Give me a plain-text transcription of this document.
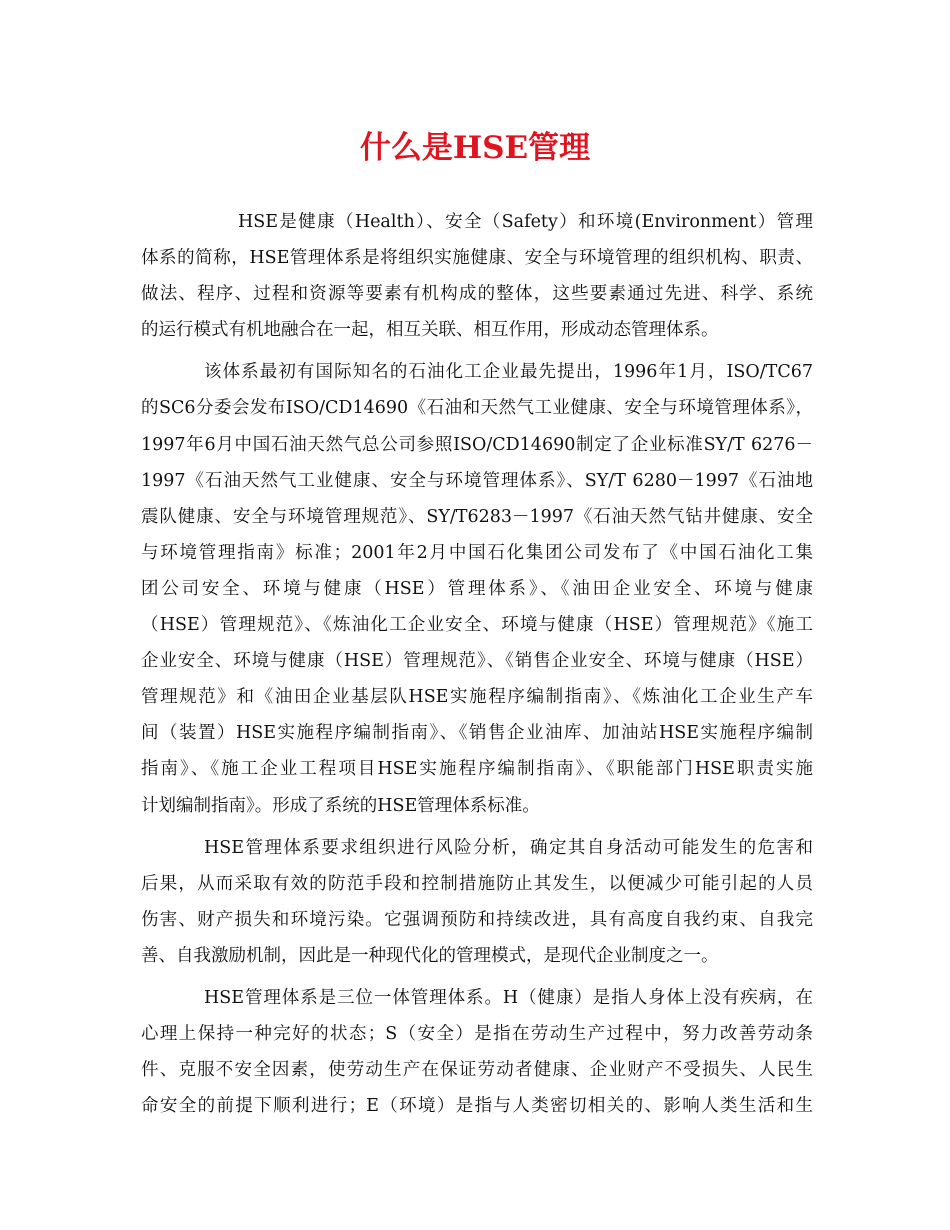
什么是HSE管理
HSE是健康（Health）、安全（Safety）和环境(Environment）管理
体系的简称，HSE管理体系是将组织实施健康、安全与环境管理的组织机构、职责、
做法、程序、过程和资源等要素有机构成的整体，这些要素通过先进、科学、系统
的运行模式有机地融合在一起，相互关联、相互作用，形成动态管理体系。
该体系最初有国际知名的石油化工企业最先提出，1996年1月，ISO/TC67
的SC6分委会发布ISO/CD14690《石油和天然气工业健康、安全与环境管理体系》，
1997年6月中国石油天然气总公司参照ISO/CD14690制定了企业标准SY/T 6276－
1997《石油天然气工业健康、安全与环境管理体系》、SY/T 6280－1997《石油地
震队健康、安全与环境管理规范》、SY/T6283－1997《石油天然气钻井健康、安全
与环境管理指南》标准；2001年2月中国石化集团公司发布了《中国石油化工集
团公司安全、环境与健康（HSE）管理体系》、《油田企业安全、环境与健康
（HSE）管理规范》、《炼油化工企业安全、环境与健康（HSE）管理规范》《施工
企业安全、环境与健康（HSE）管理规范》、《销售企业安全、环境与健康（HSE）
管理规范》和《油田企业基层队HSE实施程序编制指南》、《炼油化工企业生产车
间（装置）HSE实施程序编制指南》、《销售企业油库、加油站HSE实施程序编制
指南》、《施工企业工程项目HSE实施程序编制指南》、《职能部门HSE职责实施
计划编制指南》。形成了系统的HSE管理体系标准。
HSE管理体系要求组织进行风险分析，确定其自身活动可能发生的危害和
后果，从而采取有效的防范手段和控制措施防止其发生，以便减少可能引起的人员
伤害、财产损失和环境污染。它强调预防和持续改进，具有高度自我约束、自我完
善、自我激励机制，因此是一种现代化的管理模式，是现代企业制度之一。
HSE管理体系是三位一体管理体系。H（健康）是指人身体上没有疾病，在
心理上保持一种完好的状态；S（安全）是指在劳动生产过程中，努力改善劳动条
件、克服不安全因素，使劳动生产在保证劳动者健康、企业财产不受损失、人民生
命安全的前提下顺利进行；E（环境）是指与人类密切相关的、影响人类生活和生
